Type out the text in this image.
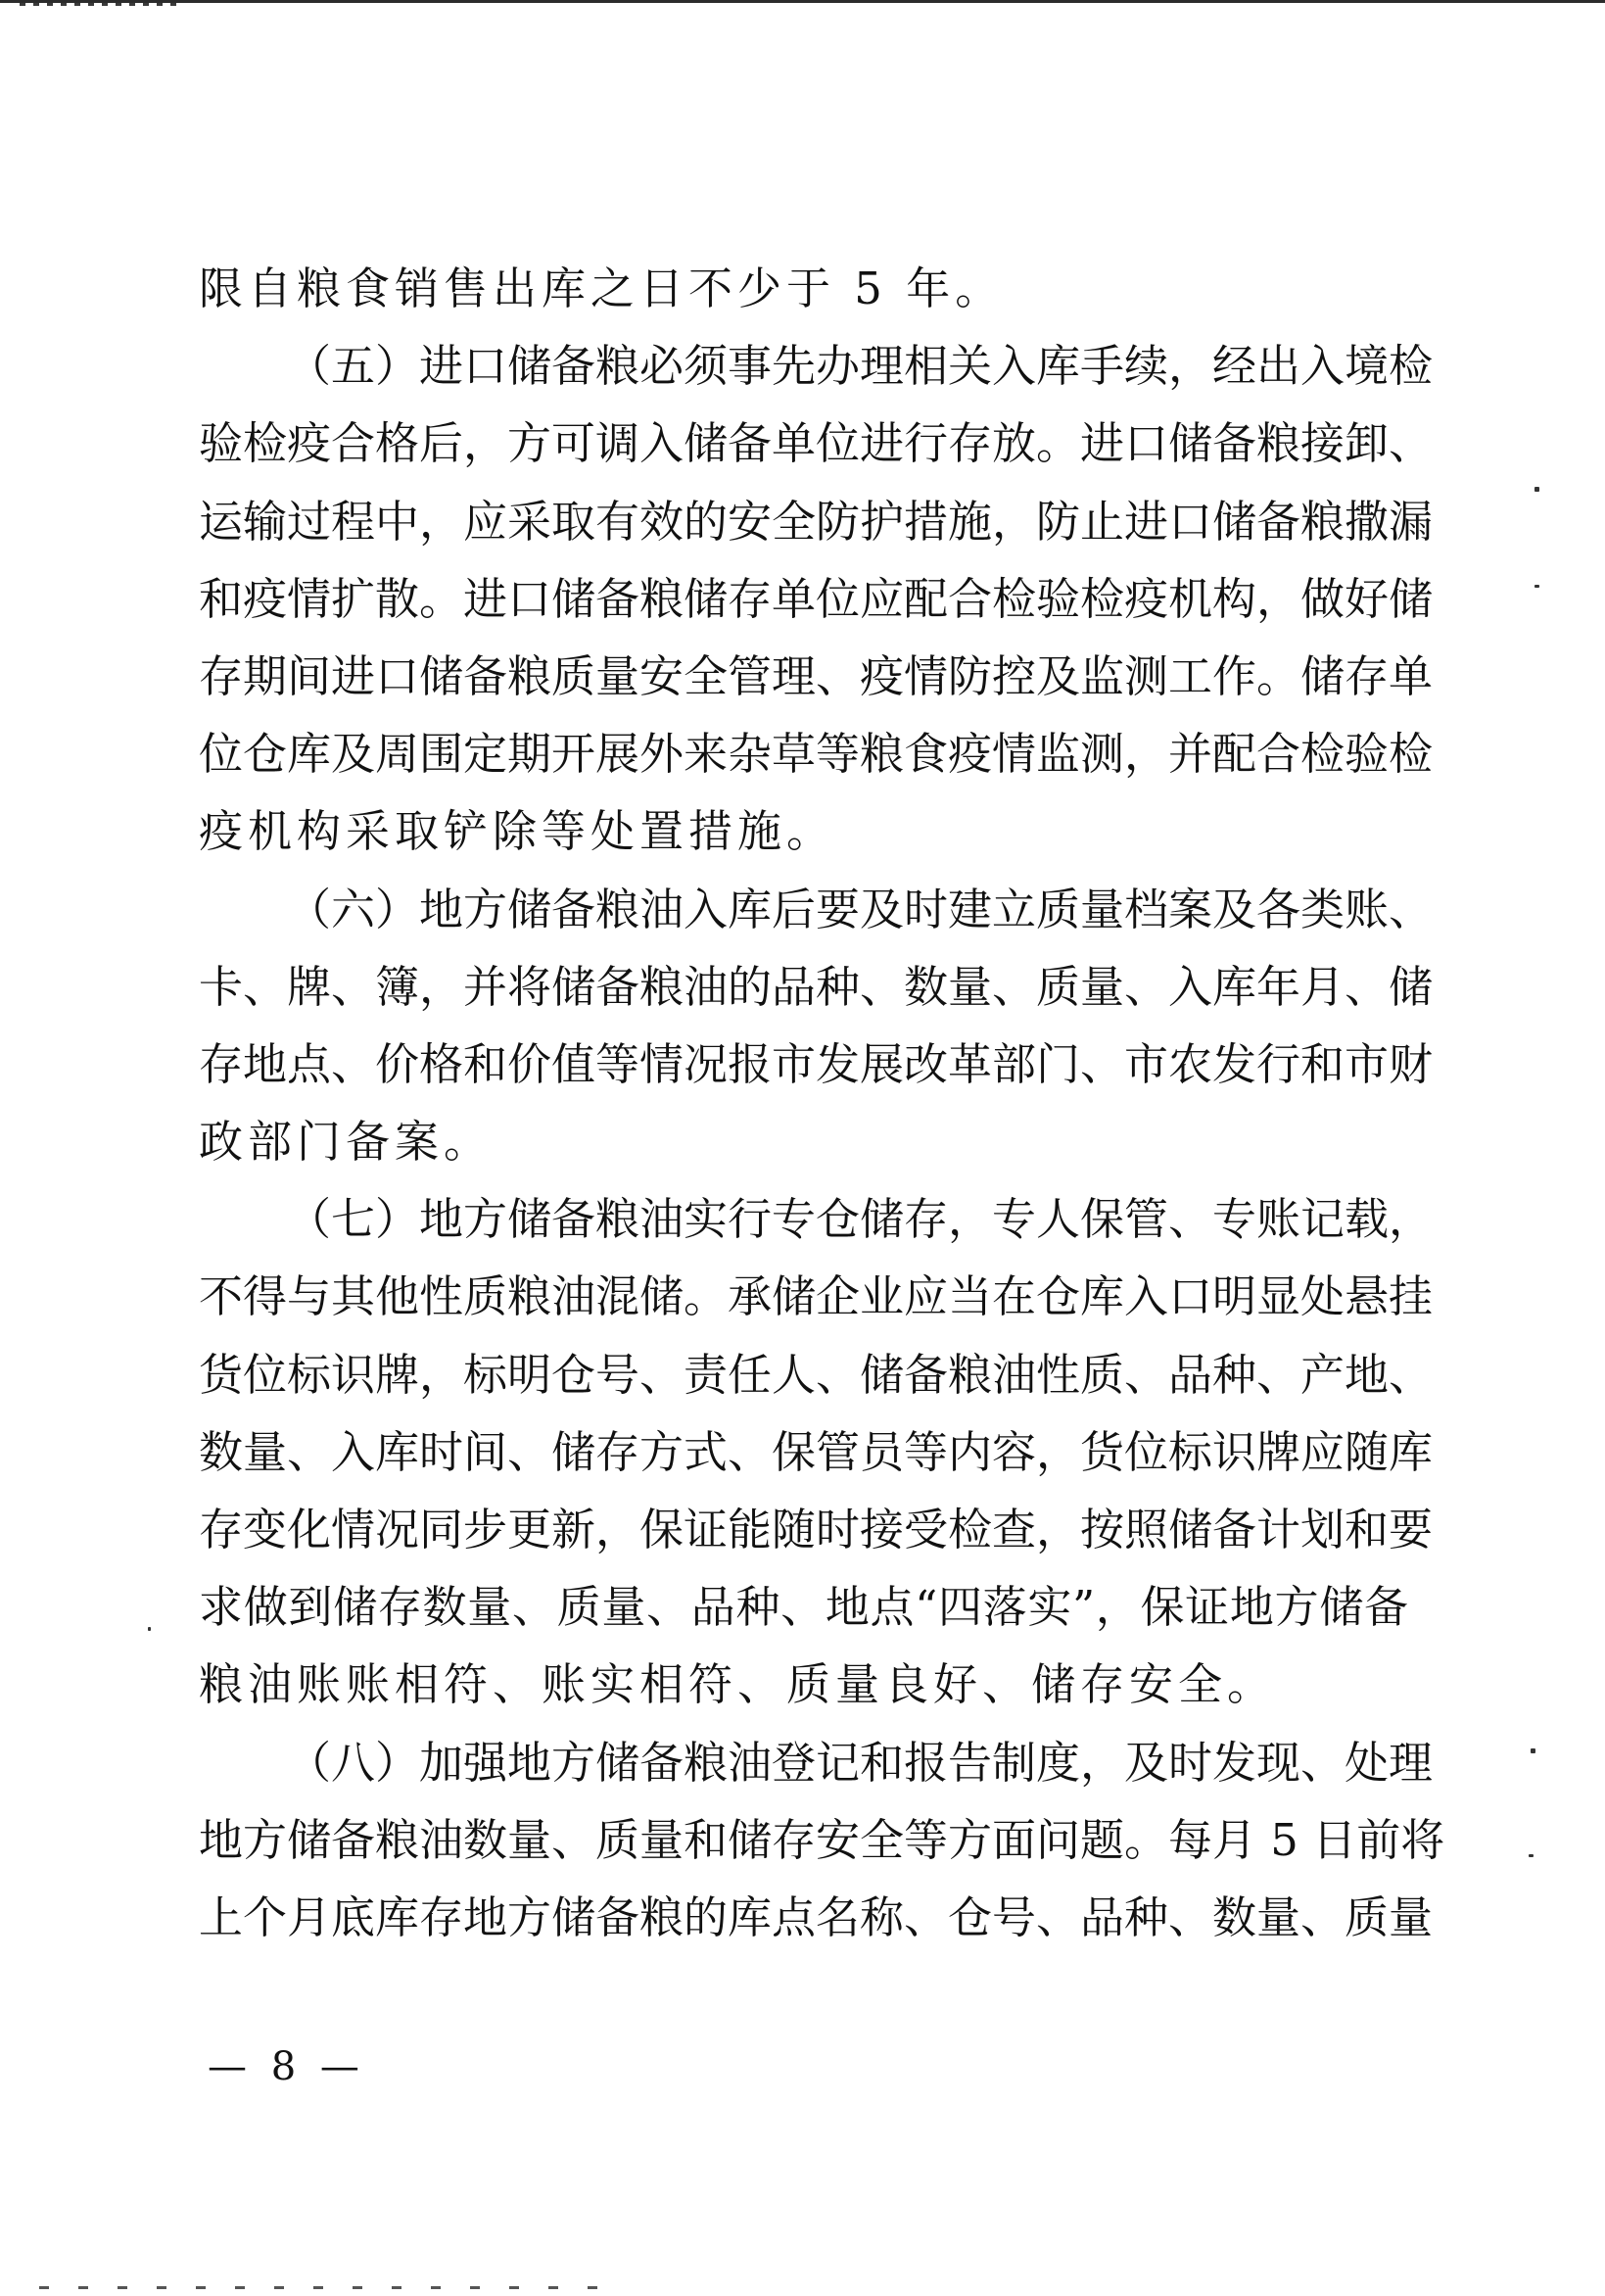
限自粮食销售出库之日不少于 5 年。
（五）进口储备粮必须事先办理相关入库手续，经出入境检
验检疫合格后，方可调入储备单位进行存放。进口储备粮接卸、
运输过程中，应采取有效的安全防护措施，防止进口储备粮撒漏
和疫情扩散。进口储备粮储存单位应配合检验检疫机构，做好储
存期间进口储备粮质量安全管理、疫情防控及监测工作。储存单
位仓库及周围定期开展外来杂草等粮食疫情监测，并配合检验检
疫机构采取铲除等处置措施。
（六）地方储备粮油入库后要及时建立质量档案及各类账、
卡、牌、簿，并将储备粮油的品种、数量、质量、入库年月、储
存地点、价格和价值等情况报市发展改革部门、市农发行和市财
政部门备案。
（七）地方储备粮油实行专仓储存，专人保管、专账记载，
不得与其他性质粮油混储。承储企业应当在仓库入口明显处悬挂
货位标识牌，标明仓号、责任人、储备粮油性质、品种、产地、
数量、入库时间、储存方式、保管员等内容，货位标识牌应随库
存变化情况同步更新，保证能随时接受检查，按照储备计划和要
求做到储存数量、质量、品种、地点“四落实”，保证地方储备
粮油账账相符、账实相符、质量良好、储存安全。
（八）加强地方储备粮油登记和报告制度，及时发现、处理
地方储备粮油数量、质量和储存安全等方面问题。每月 5 日前将
上个月底库存地方储备粮的库点名称、仓号、品种、数量、质量
— 8 —
